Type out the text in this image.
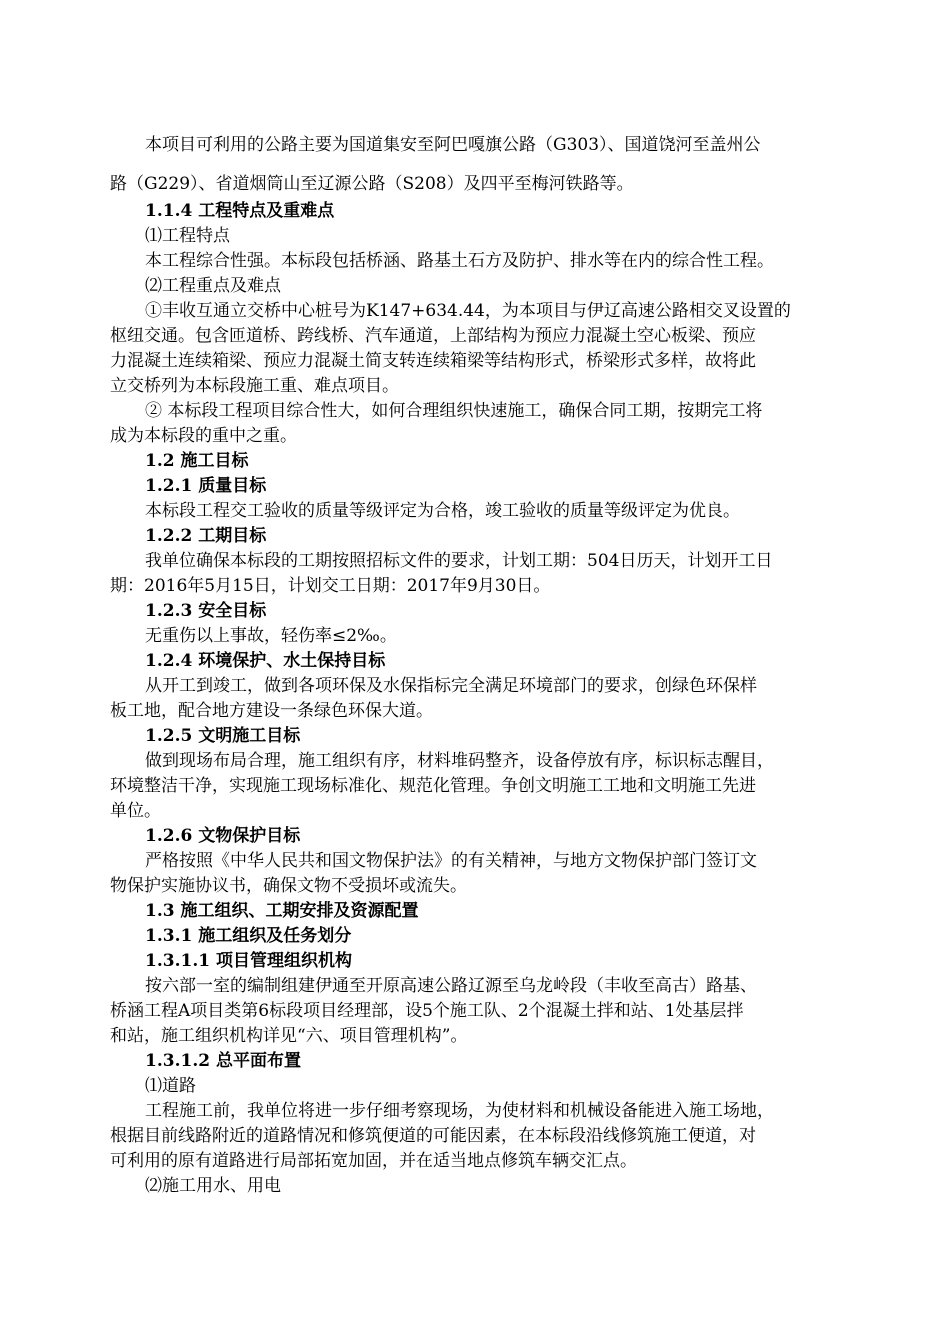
本项目可利用的公路主要为国道集安至阿巴嘎旗公路（G303）、国道饶河至盖州公
路（G229）、省道烟筒山至辽源公路（S208）及四平至梅河铁路等。
1.1.4 工程特点及重难点
⑴工程特点
本工程综合性强。本标段包括桥涵、路基土石方及防护、排水等在内的综合性工程。
⑵工程重点及难点
①丰收互通立交桥中心桩号为K147+634.44，为本项目与伊辽高速公路相交叉设置的
枢纽交通。包含匝道桥、跨线桥、汽车通道，上部结构为预应力混凝土空心板梁、预应
力混凝土连续箱梁、预应力混凝土简支转连续箱梁等结构形式，桥梁形式多样，故将此
立交桥列为本标段施工重、难点项目。
② 本标段工程项目综合性大，如何合理组织快速施工，确保合同工期，按期完工将
成为本标段的重中之重。
1.2 施工目标
1.2.1 质量目标
本标段工程交工验收的质量等级评定为合格，竣工验收的质量等级评定为优良。
1.2.2 工期目标
我单位确保本标段的工期按照招标文件的要求，计划工期：504日历天，计划开工日
期：2016年5月15日，计划交工日期：2017年9月30日。
1.2.3 安全目标
无重伤以上事故，轻伤率≤2‰。
1.2.4 环境保护、水土保持目标
从开工到竣工，做到各项环保及水保指标完全满足环境部门的要求，创绿色环保样
板工地，配合地方建设一条绿色环保大道。
1.2.5 文明施工目标
做到现场布局合理，施工组织有序，材料堆码整齐，设备停放有序，标识标志醒目，
环境整洁干净，实现施工现场标准化、规范化管理。争创文明施工工地和文明施工先进
单位。
1.2.6 文物保护目标
严格按照《中华人民共和国文物保护法》的有关精神，与地方文物保护部门签订文
物保护实施协议书，确保文物不受损坏或流失。
1.3 施工组织、工期安排及资源配置
1.3.1 施工组织及任务划分
1.3.1.1 项目管理组织机构
按六部一室的编制组建伊通至开原高速公路辽源至乌龙岭段（丰收至高古）路基、
桥涵工程A项目类第6标段项目经理部，设5个施工队、2个混凝土拌和站、1处基层拌
和站，施工组织机构详见“六、项目管理机构”。
1.3.1.2 总平面布置
⑴道路
工程施工前，我单位将进一步仔细考察现场，为使材料和机械设备能进入施工场地，
根据目前线路附近的道路情况和修筑便道的可能因素，在本标段沿线修筑施工便道，对
可利用的原有道路进行局部拓宽加固，并在适当地点修筑车辆交汇点。
⑵施工用水、用电
